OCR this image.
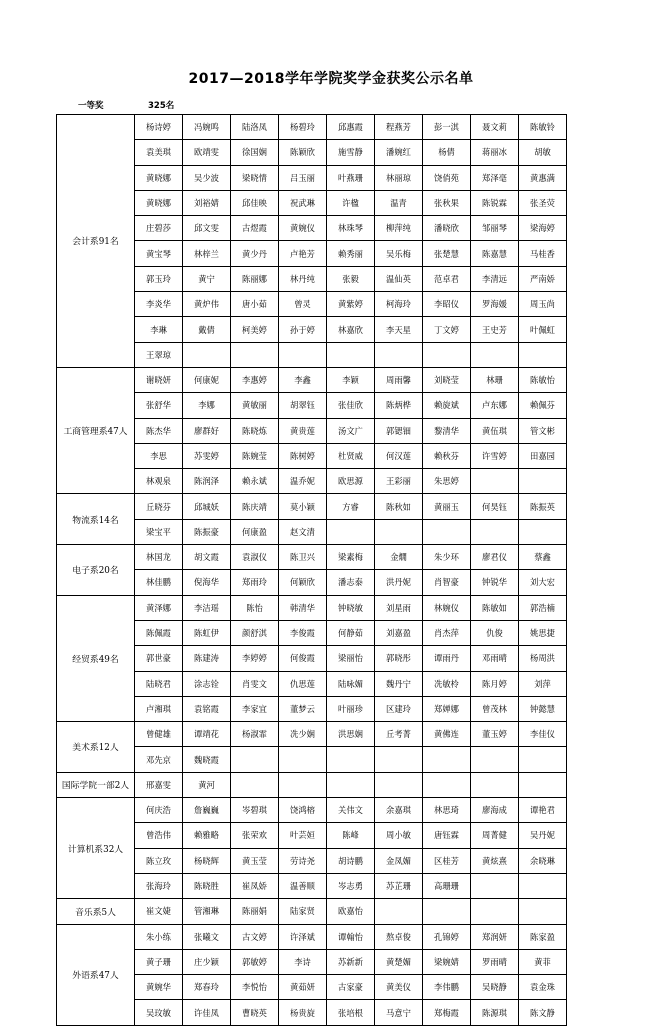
2017—2018学年学院奖学金获奖公示名单
一等奖	325名
会计系91名	杨诗婷	冯婉鸣	陆洛凤	杨碧玲	邱惠霞	程燕芳	彭一淇	聂文莉	陈敏铃
	袁美琪	欧靖雯	徐国娴	陈颖欣	施雪静	潘婉红	杨倩	蒋丽冰	胡敏
	黄晓娜	吴少波	梁晓情	吕玉丽	叶燕珊	林丽琼	饶俏苑	郑泽毫	黄惠满
	黄晓娜	刘裕婧	邱佳映	祝武琳	许楹	温青	张秋果	陈锐霖	张圣荧
	庄碧莎	邱文雯	古煜霞	黄婉仪	林珠琴	柳萍纯	潘晓欣	邹丽琴	梁海婷
	黄宝琴	林梓兰	黄少丹	卢艳芳	赖秀丽	吴乐梅	张楚慧	陈嘉慧	马桂香
	郭玉玲	黄宁	陈丽娜	林丹纯	张毅	温仙英	范卓君	李清远	严南娇
	李炎华	黄炉伟	唐小茹	曾灵	黄紫婷	柯海玲	李昭仪	罗海媛	周玉尚
	李琳	戴倩	柯美婷	孙于婷	林嘉欣	李天星	丁文婷	王史芳	叶佩虹
	王翠琼								
工商管理系47人	谢晓妍	何康妮	李惠婷	李鑫	李颖	周雨馨	刘晓莹	林珊	陈敏怡
	张舒华	李娜	黄敏丽	胡翠钰	张佳欣	陈炳桦	赖旋斌	卢东娜	赖佩芬
	陈杰华	廖群好	陈晓炼	黄贵莲	汤文广	郭锶钿	黎清华	黄伍琪	管文彬
	李思	苏雯婷	陈婉莹	陈树婷	杜贤威	何汉莲	赖秋芬	许雪婷	田嘉园
	林观泉	陈润泽	赖永斌	温乔妮	欧思源	王彩丽	朱思婷		
物流系14名	丘晓芬	邱城妖	陈庆靖	莫小颖	方睿	陈秋如	黄丽玉	何昊钰	陈振英
	梁宝平	陈振豪	何康盈	赵文清					
电子系20名	林国龙	胡文霞	袁淑仪	陈卫兴	梁素梅	金燗	朱少环	廖君仪	蔡鑫
	林佳鹏	倪海华	郑雨玲	何颖欣	潘志泰	洪丹妮	肖智豪	钟锐华	刘大宏
经贸系49名	黄泽娜	李洁瑶	陈怡	韩清华	钟晓敏	刘星雨	林婉仪	陈敏如	郭浩楠
	陈佩霞	陈虹伊	颜舒淇	李俊霞	何静茹	刘嘉盈	肖杰萍	仇俊	姚思捷
	郭世豪	陈建涛	李婷婷	何俊霞	梁丽怡	郭晓彤	谭雨丹	邓雨晴	杨周洪
	陆晓君	涂志铨	肖雯文	仇思莲	陆咏媚	魏丹宁	冼敏柃	陈月婷	刘萍
	卢湘琪	袁铭霞	李家宜	董梦云	叶丽珍	区建玲	郑婵娜	曾茂林	钟懿慧
美术系12人	曾健雄	谭靖花	杨淑霏	冼少娴	洪思娴	丘考菁	黄佛连	董玉婷	李佳仪
	邓先京	魏晓霞							
国际学院一部2人	邢嘉雯	黄河							
计算机系32人	何庆浩	詹巍巍	岑碧琪	饶鸿榕	关伟文	余嘉琪	林思琦	廖海成	谭艳君
	曾浩伟	赖雅略	张荣欢	叶芸姮	陈峰	周小敏	唐钰霖	周菁健	吴丹妮
	陈立玫	杨晓辉	黄玉莹	劳诗尧	胡诗鹏	金凤媚	区桂芳	黄炫熹	余晓琳
	张海玲	陈晓胜	崔凤娇	温善顺	岑志勇	苏芷珊	高珊珊		
音乐系5人	崔文婕	管湘琳	陈丽娟	陆家贤	欧嘉怡				
外语系47人	朱小练	张曦文	古文婷	许泽斌	谭翰怡	熬卓俊	孔锦婷	郑润妍	陈家盈
	黄子珊	庄少颖	郭敏婷	李诗	苏新新	黄楚媚	梁婉婧	罗雨晴	黄菲
	黄婉华	郑春玲	李悦怡	黄茹妍	古家豪	黄美仪	李伟鹏	吴晓静	袁金珠
	吴玟敏	许佳凤	曹晓英	杨贵旋	张培根	马意宁	郑梅霞	陈源琪	陈文静
